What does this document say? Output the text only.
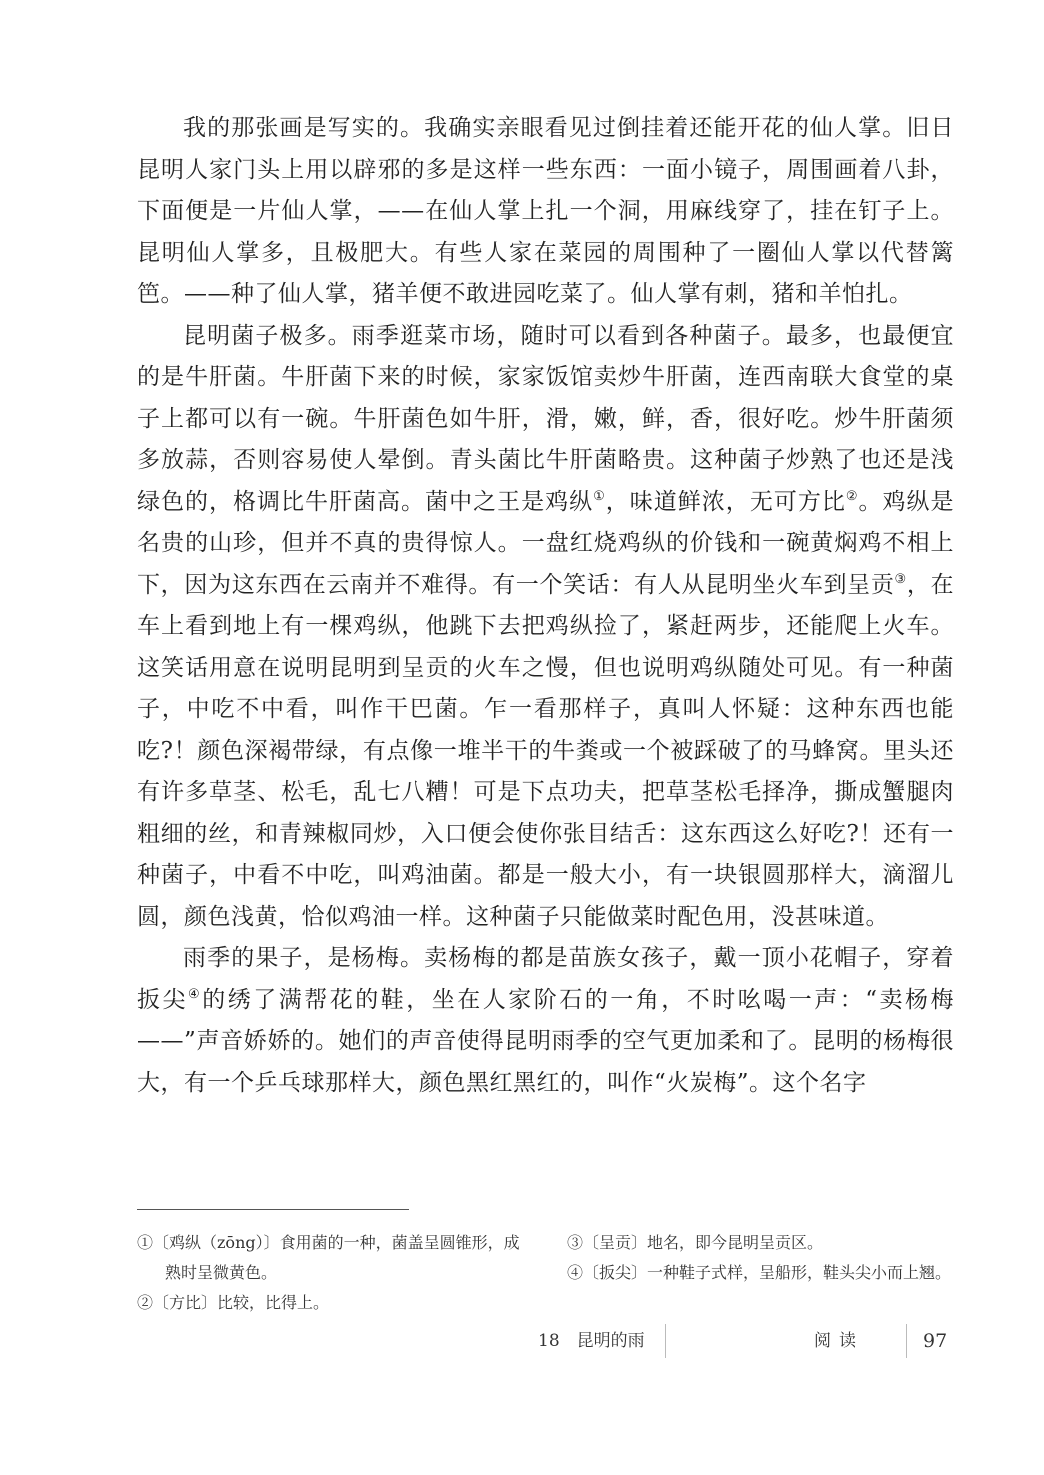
我的那张画是写实的。我确实亲眼看见过倒挂着还能开花的仙人掌。旧日昆明人家门头上用以辟邪的多是这样一些东西：一面小镜子，周围画着八卦，下面便是一片仙人掌，——在仙人掌上扎一个洞，用麻线穿了，挂在钉子上。昆明仙人掌多，且极肥大。有些人家在菜园的周围种了一圈仙人掌以代替篱笆。——种了仙人掌，猪羊便不敢进园吃菜了。仙人掌有刺，猪和羊怕扎。

昆明菌子极多。雨季逛菜市场，随时可以看到各种菌子。最多，也最便宜的是牛肝菌。牛肝菌下来的时候，家家饭馆卖炒牛肝菌，连西南联大食堂的桌子上都可以有一碗。牛肝菌色如牛肝，滑，嫩，鲜，香，很好吃。炒牛肝菌须多放蒜，否则容易使人晕倒。青头菌比牛肝菌略贵。这种菌子炒熟了也还是浅绿色的，格调比牛肝菌高。菌中之王是鸡纵①，味道鲜浓，无可方比②。鸡纵是名贵的山珍，但并不真的贵得惊人。一盘红烧鸡纵的价钱和一碗黄焖鸡不相上下，因为这东西在云南并不难得。有一个笑话：有人从昆明坐火车到呈贡③，在车上看到地上有一棵鸡纵，他跳下去把鸡纵捡了，紧赶两步，还能爬上火车。这笑话用意在说明昆明到呈贡的火车之慢，但也说明鸡纵随处可见。有一种菌子，中吃不中看，叫作干巴菌。乍一看那样子，真叫人怀疑：这种东西也能吃?！颜色深褐带绿，有点像一堆半干的牛粪或一个被踩破了的马蜂窝。里头还有许多草茎、松毛，乱七八糟！可是下点功夫，把草茎松毛择净，撕成蟹腿肉粗细的丝，和青辣椒同炒，入口便会使你张目结舌：这东西这么好吃?！还有一种菌子，中看不中吃，叫鸡油菌。都是一般大小，有一块银圆那样大，滴溜儿圆，颜色浅黄，恰似鸡油一样。这种菌子只能做菜时配色用，没甚味道。

雨季的果子，是杨梅。卖杨梅的都是苗族女孩子，戴一顶小花帽子，穿着扳尖④的绣了满帮花的鞋，坐在人家阶石的一角，不时吆喝一声：“卖杨梅——”声音娇娇的。她们的声音使得昆明雨季的空气更加柔和了。昆明的杨梅很大，有一个乒乓球那样大，颜色黑红黑红的，叫作“火炭梅”。这个名字

①〔鸡纵（zōng）〕食用菌的一种，菌盖呈圆锥形，成熟时呈微黄色。
②〔方比〕比较，比得上。
③〔呈贡〕地名，即今昆明呈贡区。
④〔扳尖〕一种鞋子式样，呈船形，鞋头尖小而上翘。
18　昆明的雨	阅读	97
